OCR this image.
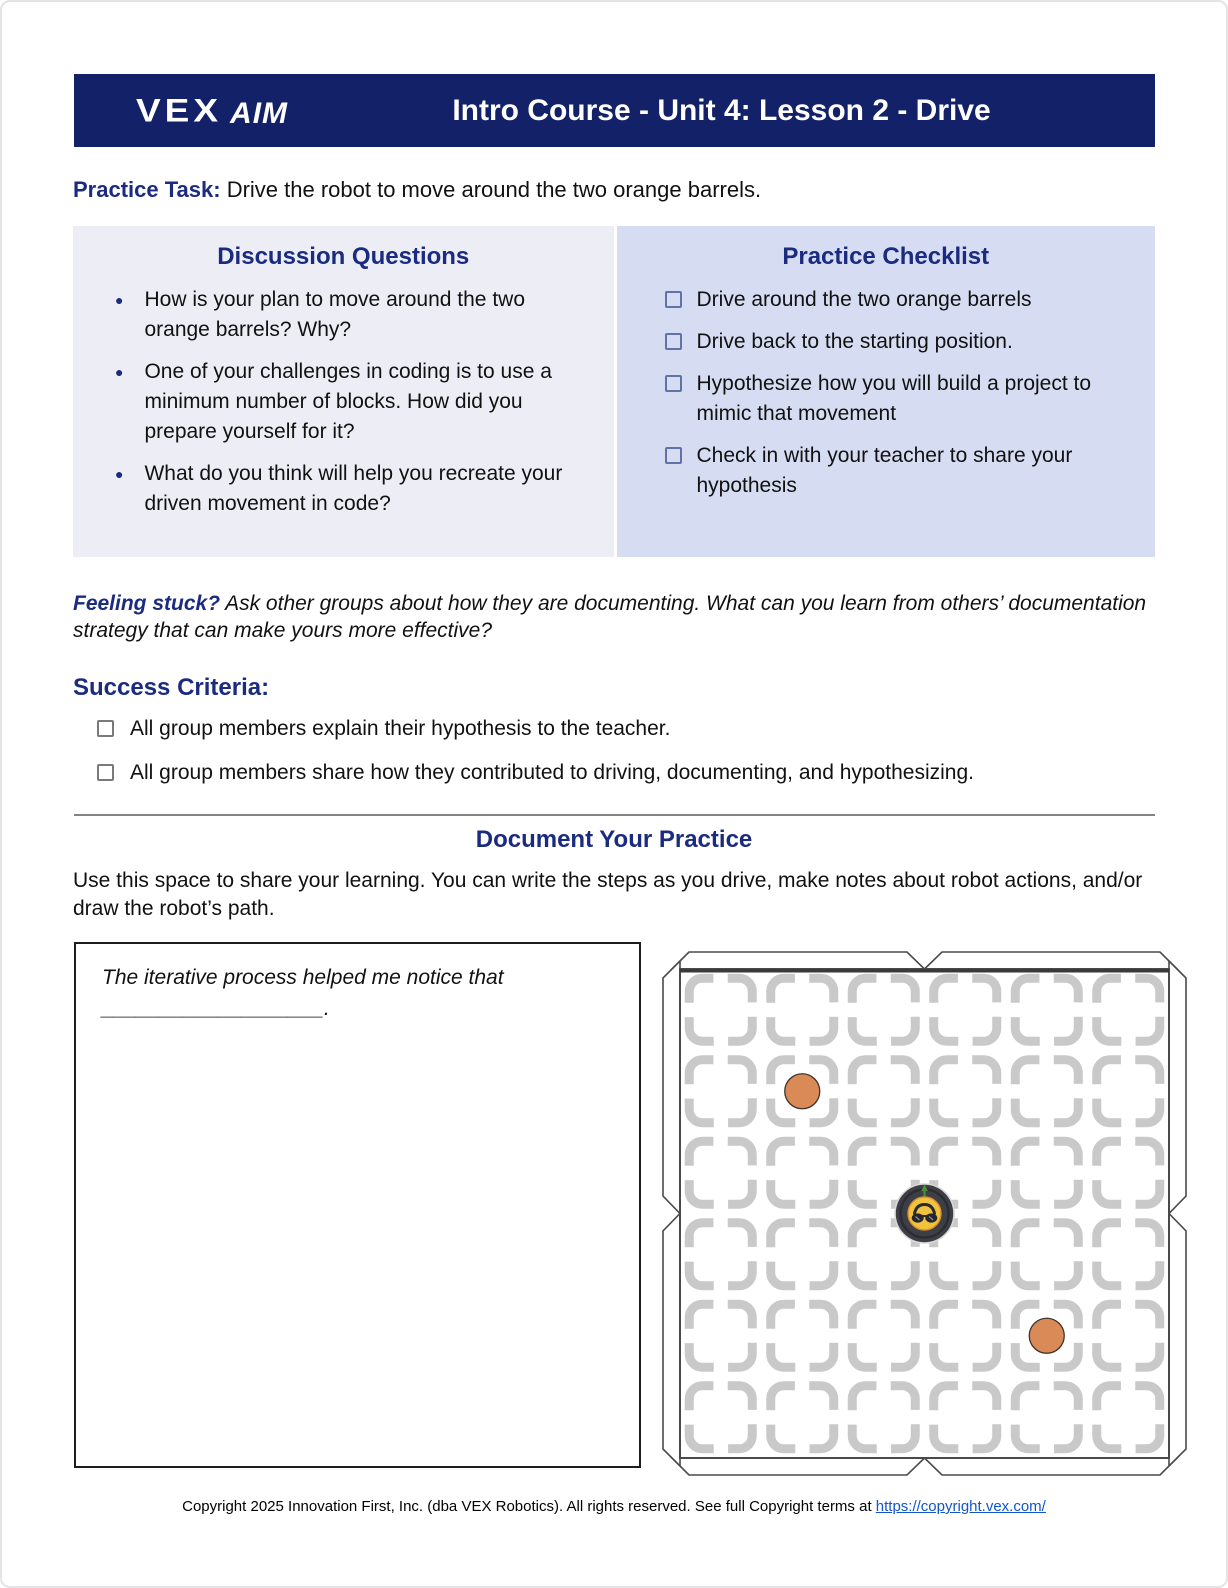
VEX AIM	Intro Course - Unit 4: Lesson 2 - Drive
Practice Task: Drive the robot to move around the two orange barrels.
Discussion Questions
● How is your plan to move around the two orange barrels? Why?
● One of your challenges in coding is to use a minimum number of blocks. How did you prepare yourself for it?
● What do you think will help you recreate your driven movement in code?
Practice Checklist
Drive around the two orange barrels
Drive back to the starting position.
Hypothesize how you will build a project to mimic that movement
Check in with your teacher to share your hypothesis
Feeling stuck? Ask other groups about how they are documenting. What can you learn from others’ documentation strategy that can make yours more effective?
Success Criteria:
All group members explain their hypothesis to the teacher.
All group members share how they contributed to driving, documenting, and hypothesizing.
Document Your Practice
Use this space to share your learning. You can write the steps as you drive, make notes about robot actions, and/or draw the robot’s path.
The iterative process helped me notice that
___________________.
Copyright 2025 Innovation First, Inc. (dba VEX Robotics). All rights reserved. See full Copyright terms at https://copyright.vex.com/
